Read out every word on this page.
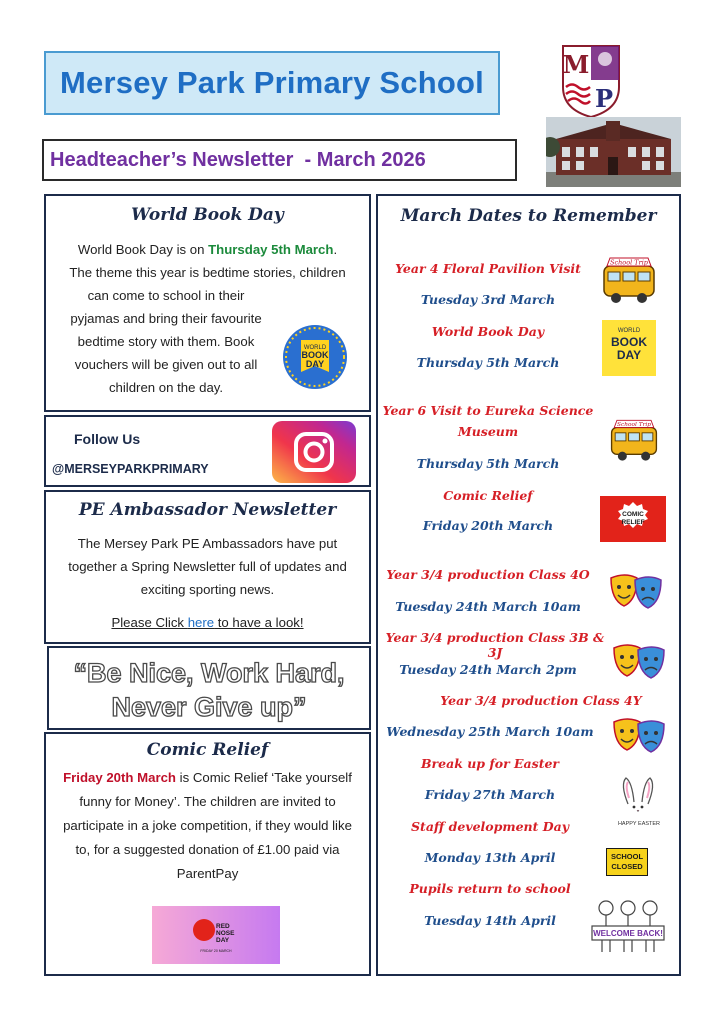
Mersey Park Primary School
M
P
Headteacher’s Newsletter  - March 2026
World Book Day
World Book Day is on Thursday 5th March.
The theme this year is bedtime stories, children
can come to school in their
pyjamas and bring their favourite
bedtime story with them. Book
vouchers will be given out to all
children on the day.
WORLD
BOOK
DAY
Follow Us
@MERSEYPARKPRIMARY
PE Ambassador Newsletter
The Mersey Park PE Ambassadors have put
together a Spring Newsletter full of updates and
exciting sporting news.
Please Click here to have a look!
“Be Nice, Work Hard,
Never Give up”
Comic Relief
Friday 20th March is Comic Relief ‘Take yourself
funny for Money’. The children are invited to
participate in a joke competition, if they would like
to, for a suggested donation of £1.00 paid via
ParentPay
RED
NOSE
DAY
FRIDAY 20 MARCH
March Dates to Remember
Year 4 Floral Pavilion Visit
Tuesday 3rd March
World Book Day
Thursday 5th March
Year 6 Visit to Eureka Science
Museum
Thursday 5th March
Comic Relief
Friday 20th March
Year 3/4 production Class 4O
Tuesday 24th March 10am
Year 3/4 production Class 3B & 3J
Tuesday 24th March 2pm
Year 3/4 production Class 4Y
Wednesday 25th March 10am
Break up for Easter
Friday 27th March
Staff development Day
Monday 13th April
Pupils return to school
Tuesday 14th April
School Trip
WORLD
BOOK
DAY
School Trip
COMIC
RELIEF
HAPPY EASTER
SCHOOL
CLOSED
WELCOME BACK!
